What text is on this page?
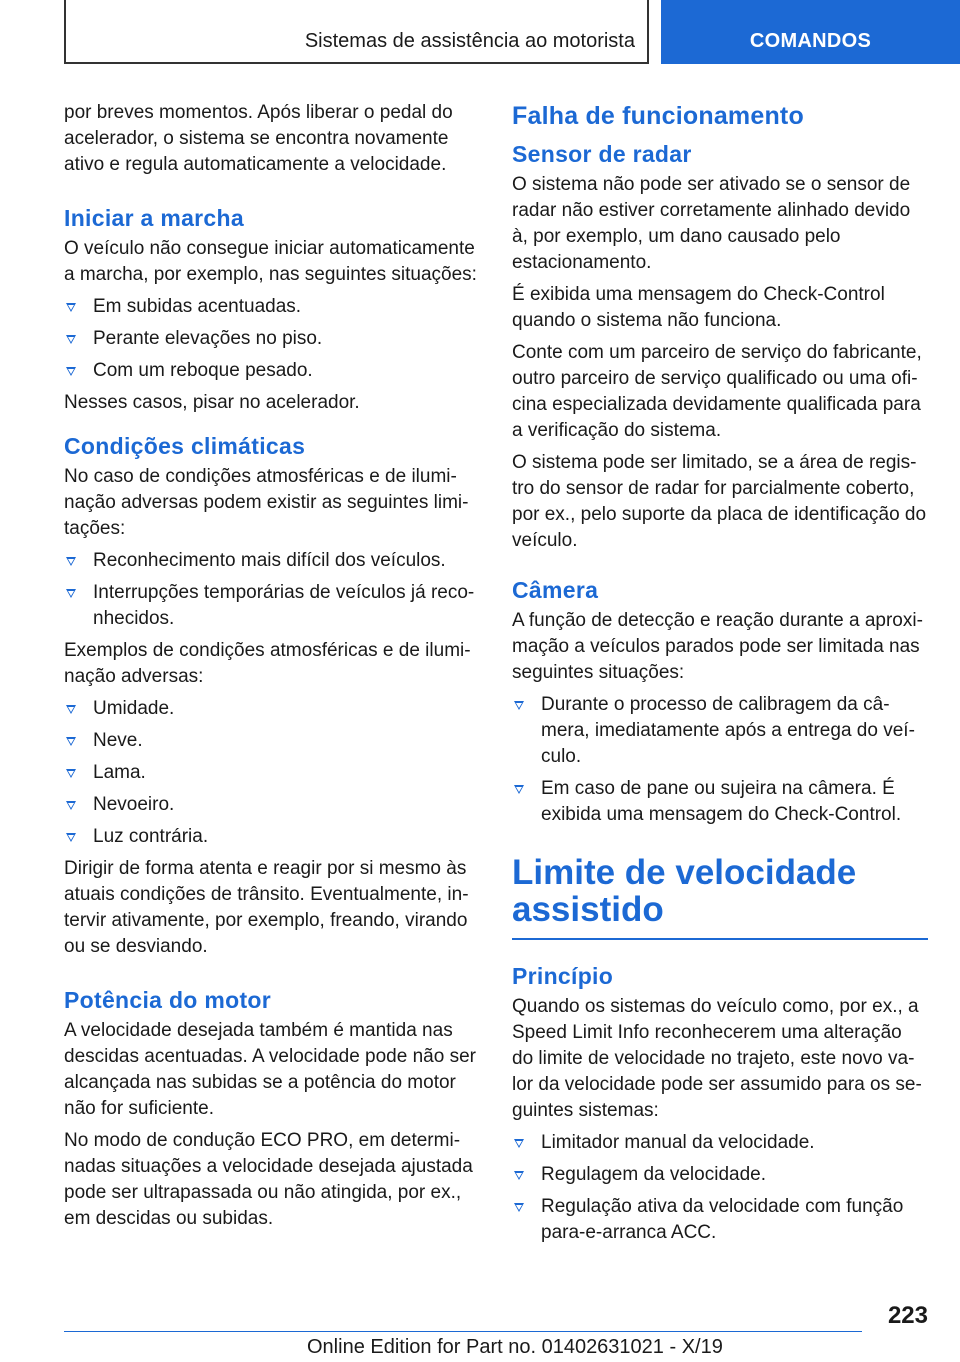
Sistemas de assistência ao motorista	COMANDOS

por breves momentos. Após liberar o pedal do acelerador, o sistema se encontra novamente ativo e regula automaticamente a velocidade.

Iniciar a marcha

O veículo não consegue iniciar automaticamente a marcha, por exemplo, nas seguintes situações:

Em subidas acentuadas.
Perante elevações no piso.
Com um reboque pesado.

Nesses casos, pisar no acelerador.

Condições climáticas

No caso de condições atmosféricas e de iluminação adversas podem existir as seguintes limitações:

Reconhecimento mais difícil dos veículos.
Interrupções temporárias de veículos já reconhecidos.

Exemplos de condições atmosféricas e de iluminação adversas:

Umidade.
Neve.
Lama.
Nevoeiro.
Luz contrária.

Dirigir de forma atenta e reagir por si mesmo às atuais condições de trânsito. Eventualmente, intervir ativamente, por exemplo, freando, virando ou se desviando.

Potência do motor

A velocidade desejada também é mantida nas descidas acentuadas. A velocidade pode não ser alcançada nas subidas se a potência do motor não for suficiente.

No modo de condução ECO PRO, em determinadas situações a velocidade desejada ajustada pode ser ultrapassada ou não atingida, por ex., em descidas ou subidas.

Falha de funcionamento
Sensor de radar

O sistema não pode ser ativado se o sensor de radar não estiver corretamente alinhado devido à, por exemplo, um dano causado pelo estacionamento.

É exibida uma mensagem do Check-Control quando o sistema não funciona.

Conte com um parceiro de serviço do fabricante, outro parceiro de serviço qualificado ou uma oficina especializada devidamente qualificada para a verificação do sistema.

O sistema pode ser limitado, se a área de registro do sensor de radar for parcialmente coberto, por ex., pelo suporte da placa de identificação do veículo.

Câmera

A função de detecção e reação durante a aproximação a veículos parados pode ser limitada nas seguintes situações:

Durante o processo de calibragem da câmera, imediatamente após a entrega do veículo.
Em caso de pane ou sujeira na câmera. É exibida uma mensagem do Check-Control.
Limite de velocidade assistido
Princípio

Quando os sistemas do veículo como, por ex., a Speed Limit Info reconhecerem uma alteração do limite de velocidade no trajeto, este novo valor da velocidade pode ser assumido para os seguintes sistemas:

Limitador manual da velocidade.
Regulagem da velocidade.
Regulação ativa da velocidade com função para-e-arranca ACC.
223
Online Edition for Part no. 01402631021 - X/19
